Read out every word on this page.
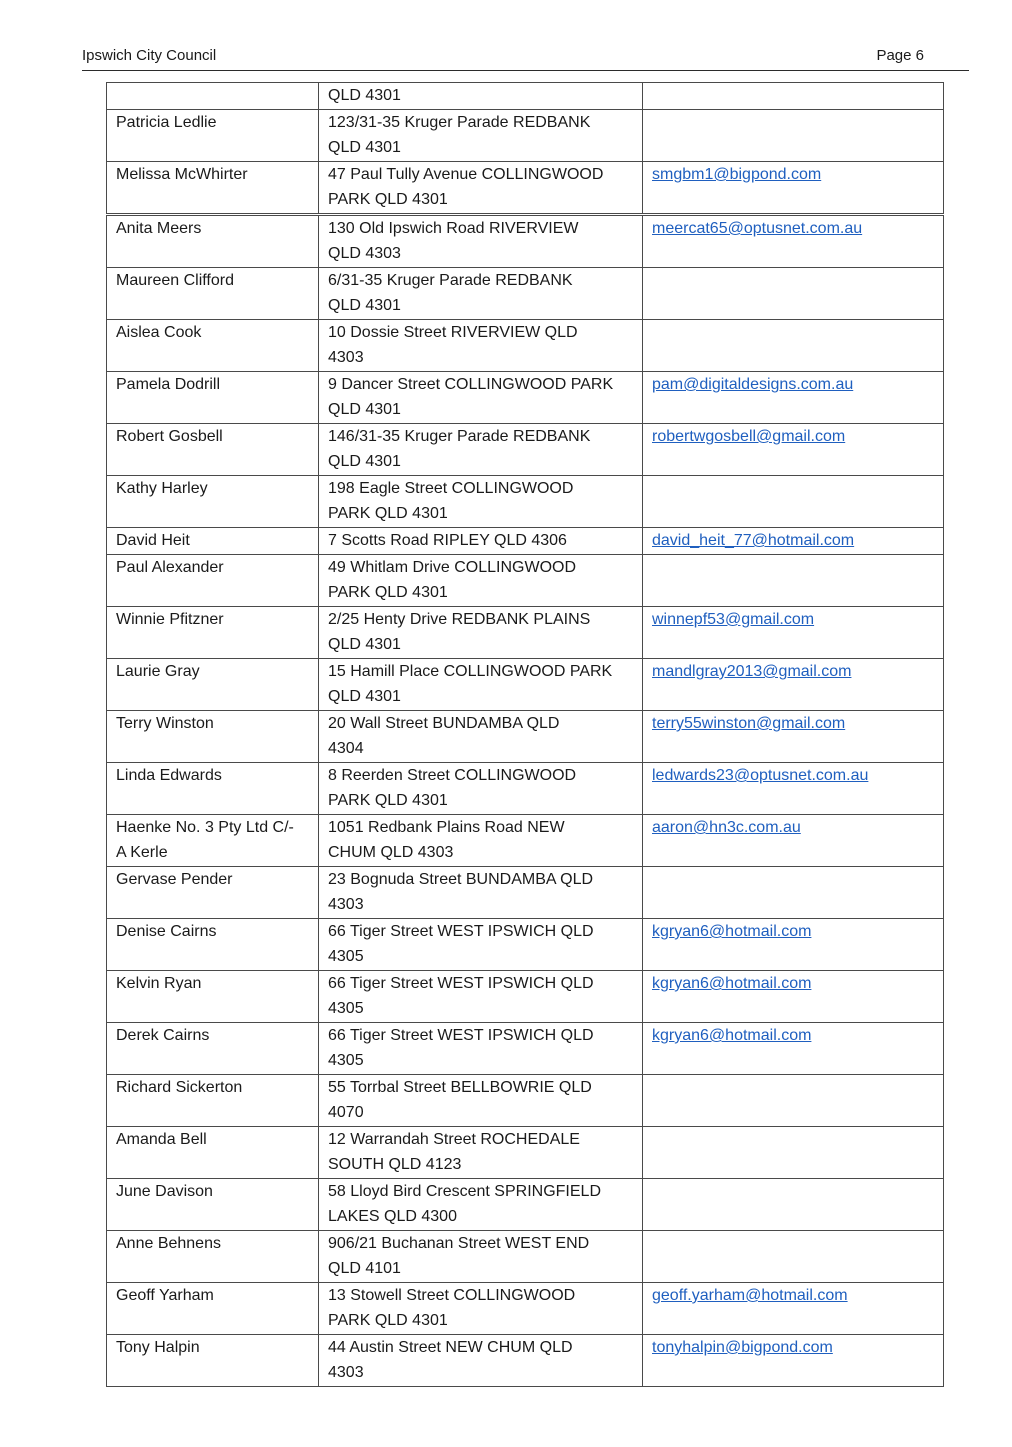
Ipswich City Council	Page 6

	QLD 4301	

Patricia Ledlie	123/31-35 Kruger Parade REDBANK
QLD 4301	

Melissa McWhirter	47 Paul Tully Avenue COLLINGWOOD
PARK QLD 4301	smgbm1@bigpond.com

Anita Meers	130 Old Ipswich Road RIVERVIEW
QLD 4303	meercat65@optusnet.com.au

Maureen Clifford	6/31-35 Kruger Parade REDBANK
QLD 4301	

Aislea Cook	10 Dossie Street RIVERVIEW QLD
4303	

Pamela Dodrill	9 Dancer Street COLLINGWOOD PARK
QLD 4301	pam@digitaldesigns.com.au

Robert Gosbell	146/31-35 Kruger Parade REDBANK
QLD 4301	robertwgosbell@gmail.com

Kathy Harley	198 Eagle Street COLLINGWOOD
PARK QLD 4301	

David Heit	7 Scotts Road RIPLEY QLD 4306	david_heit_77@hotmail.com

Paul Alexander	49 Whitlam Drive COLLINGWOOD
PARK QLD 4301	

Winnie Pfitzner	2/25 Henty Drive REDBANK PLAINS
QLD 4301	winnepf53@gmail.com

Laurie Gray	15 Hamill Place COLLINGWOOD PARK
QLD 4301	mandlgray2013@gmail.com

Terry Winston	20 Wall Street BUNDAMBA QLD
4304	terry55winston@gmail.com

Linda Edwards	8 Reerden Street COLLINGWOOD
PARK QLD 4301	ledwards23@optusnet.com.au

Haenke No. 3 Pty Ltd C/-
A Kerle	1051 Redbank Plains Road NEW
CHUM QLD 4303	aaron@hn3c.com.au

Gervase Pender	23 Bognuda Street BUNDAMBA QLD
4303	

Denise Cairns	66 Tiger Street WEST IPSWICH QLD
4305	kgryan6@hotmail.com

Kelvin Ryan	66 Tiger Street WEST IPSWICH QLD
4305	kgryan6@hotmail.com

Derek Cairns	66 Tiger Street WEST IPSWICH QLD
4305	kgryan6@hotmail.com

Richard Sickerton	55 Torrbal Street BELLBOWRIE QLD
4070	

Amanda Bell	12 Warrandah Street ROCHEDALE
SOUTH QLD 4123	

June Davison	58 Lloyd Bird Crescent SPRINGFIELD
LAKES QLD 4300	

Anne Behnens	906/21 Buchanan Street WEST END
QLD 4101	

Geoff Yarham	13 Stowell Street COLLINGWOOD
PARK QLD 4301	geoff.yarham@hotmail.com

Tony Halpin	44 Austin Street NEW CHUM QLD
4303	tonyhalpin@bigpond.com
